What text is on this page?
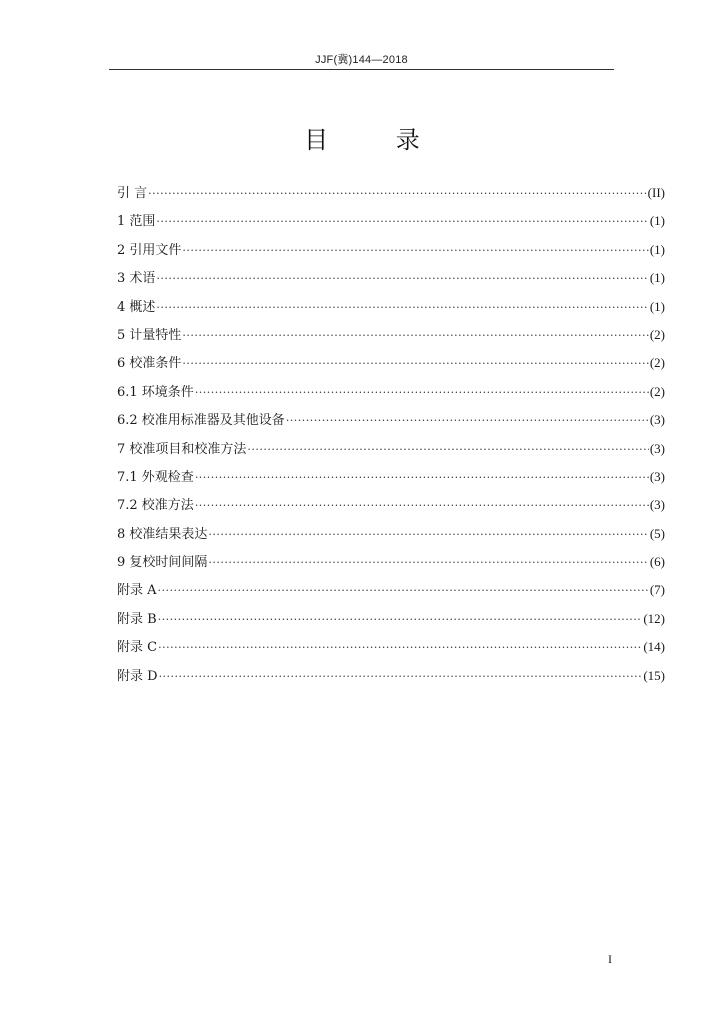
JJF(冀)144—2018
目 录
引 言 ·····	(II)
1 范围 ·····	(1)
2 引用文件 ·····	(1)
3 术语 ·····	(1)
4 概述 ·····	(1)
5 计量特性 ·····	(2)
6 校准条件 ·····	(2)
6.1 环境条件 ·····	(2)
6.2 校准用标准器及其他设备 ·····	(3)
7 校准项目和校准方法 ·····	(3)
7.1 外观检查 ·····	(3)
7.2 校准方法 ·····	(3)
8 校准结果表达 ·····	(5)
9 复校时间间隔 ·····	(6)
附录 A ·····	(7)
附录 B ·····	(12)
附录 C ·····	(14)
附录 D ·····	(15)
I
